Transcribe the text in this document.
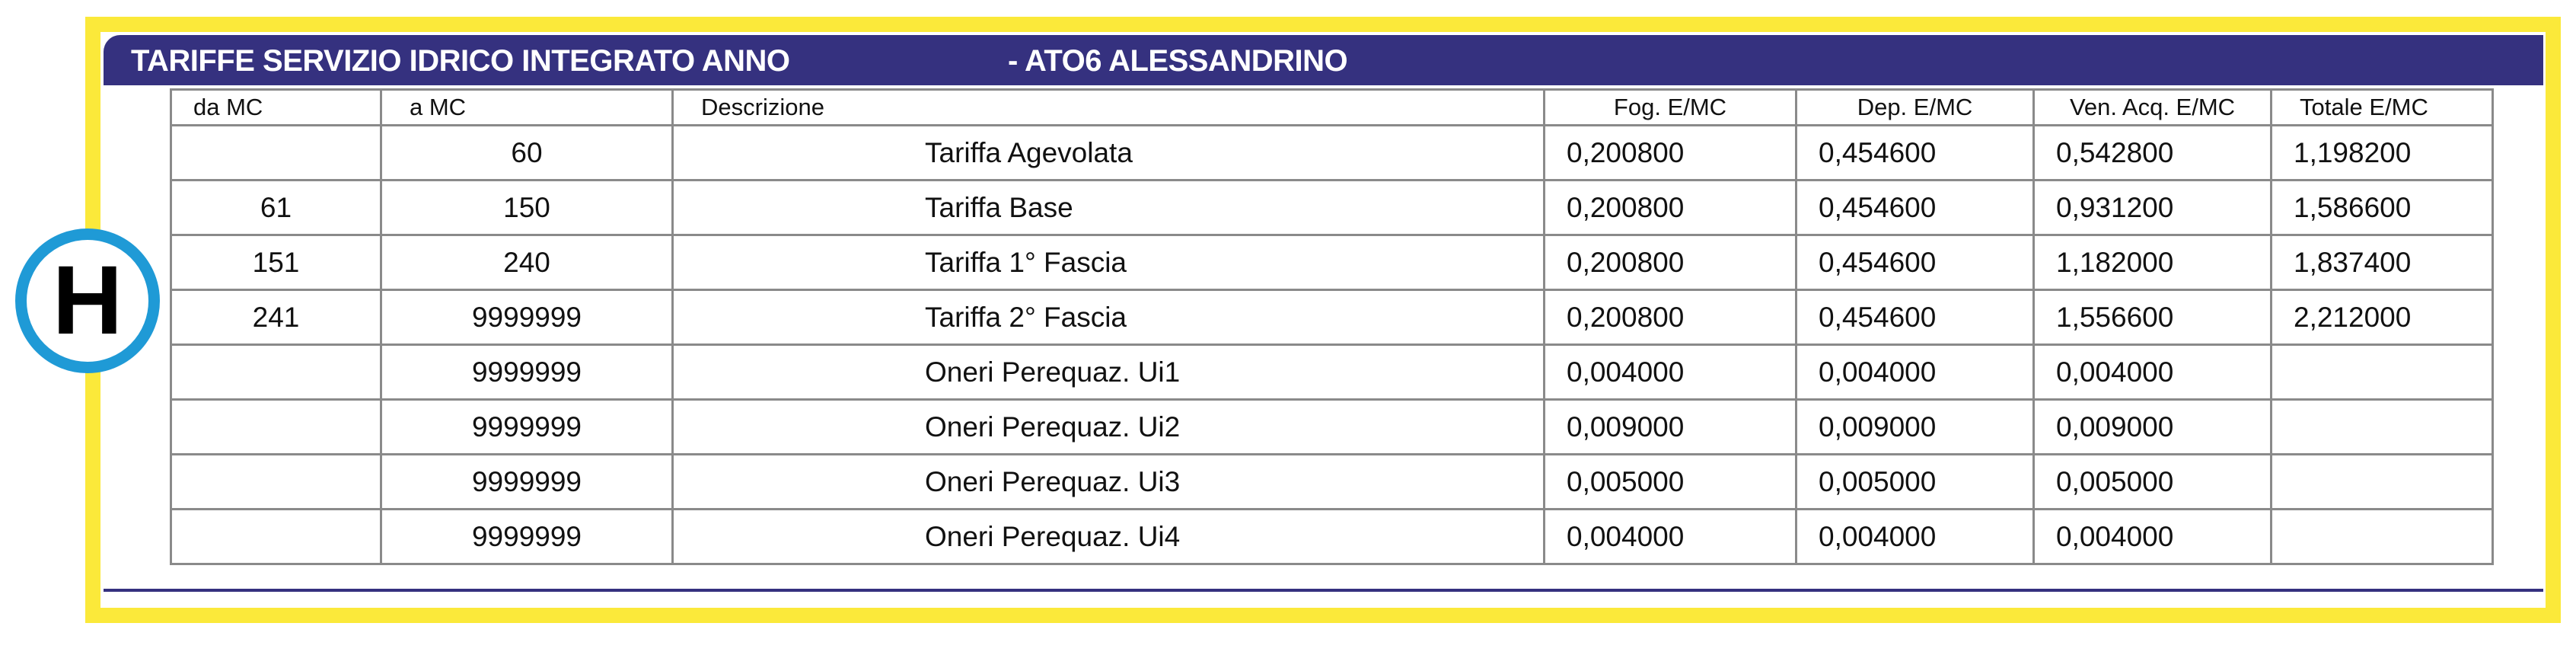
TARIFFE SERVIZIO IDRICO INTEGRATO ANNO	- ATO6 ALESSANDRINO
H
da MC	a MC	Descrizione	Fog. E/MC	Dep. E/MC	Ven. Acq. E/MC	Totale E/MC
	60	Tariffa Agevolata	0,200800	0,454600	0,542800	1,198200
61	150	Tariffa Base	0,200800	0,454600	0,931200	1,586600
151	240	Tariffa 1° Fascia	0,200800	0,454600	1,182000	1,837400
241	9999999	Tariffa 2° Fascia	0,200800	0,454600	1,556600	2,212000
	9999999	Oneri Perequaz. Ui1	0,004000	0,004000	0,004000	
	9999999	Oneri Perequaz. Ui2	0,009000	0,009000	0,009000	
	9999999	Oneri Perequaz. Ui3	0,005000	0,005000	0,005000	
	9999999	Oneri Perequaz. Ui4	0,004000	0,004000	0,004000	
